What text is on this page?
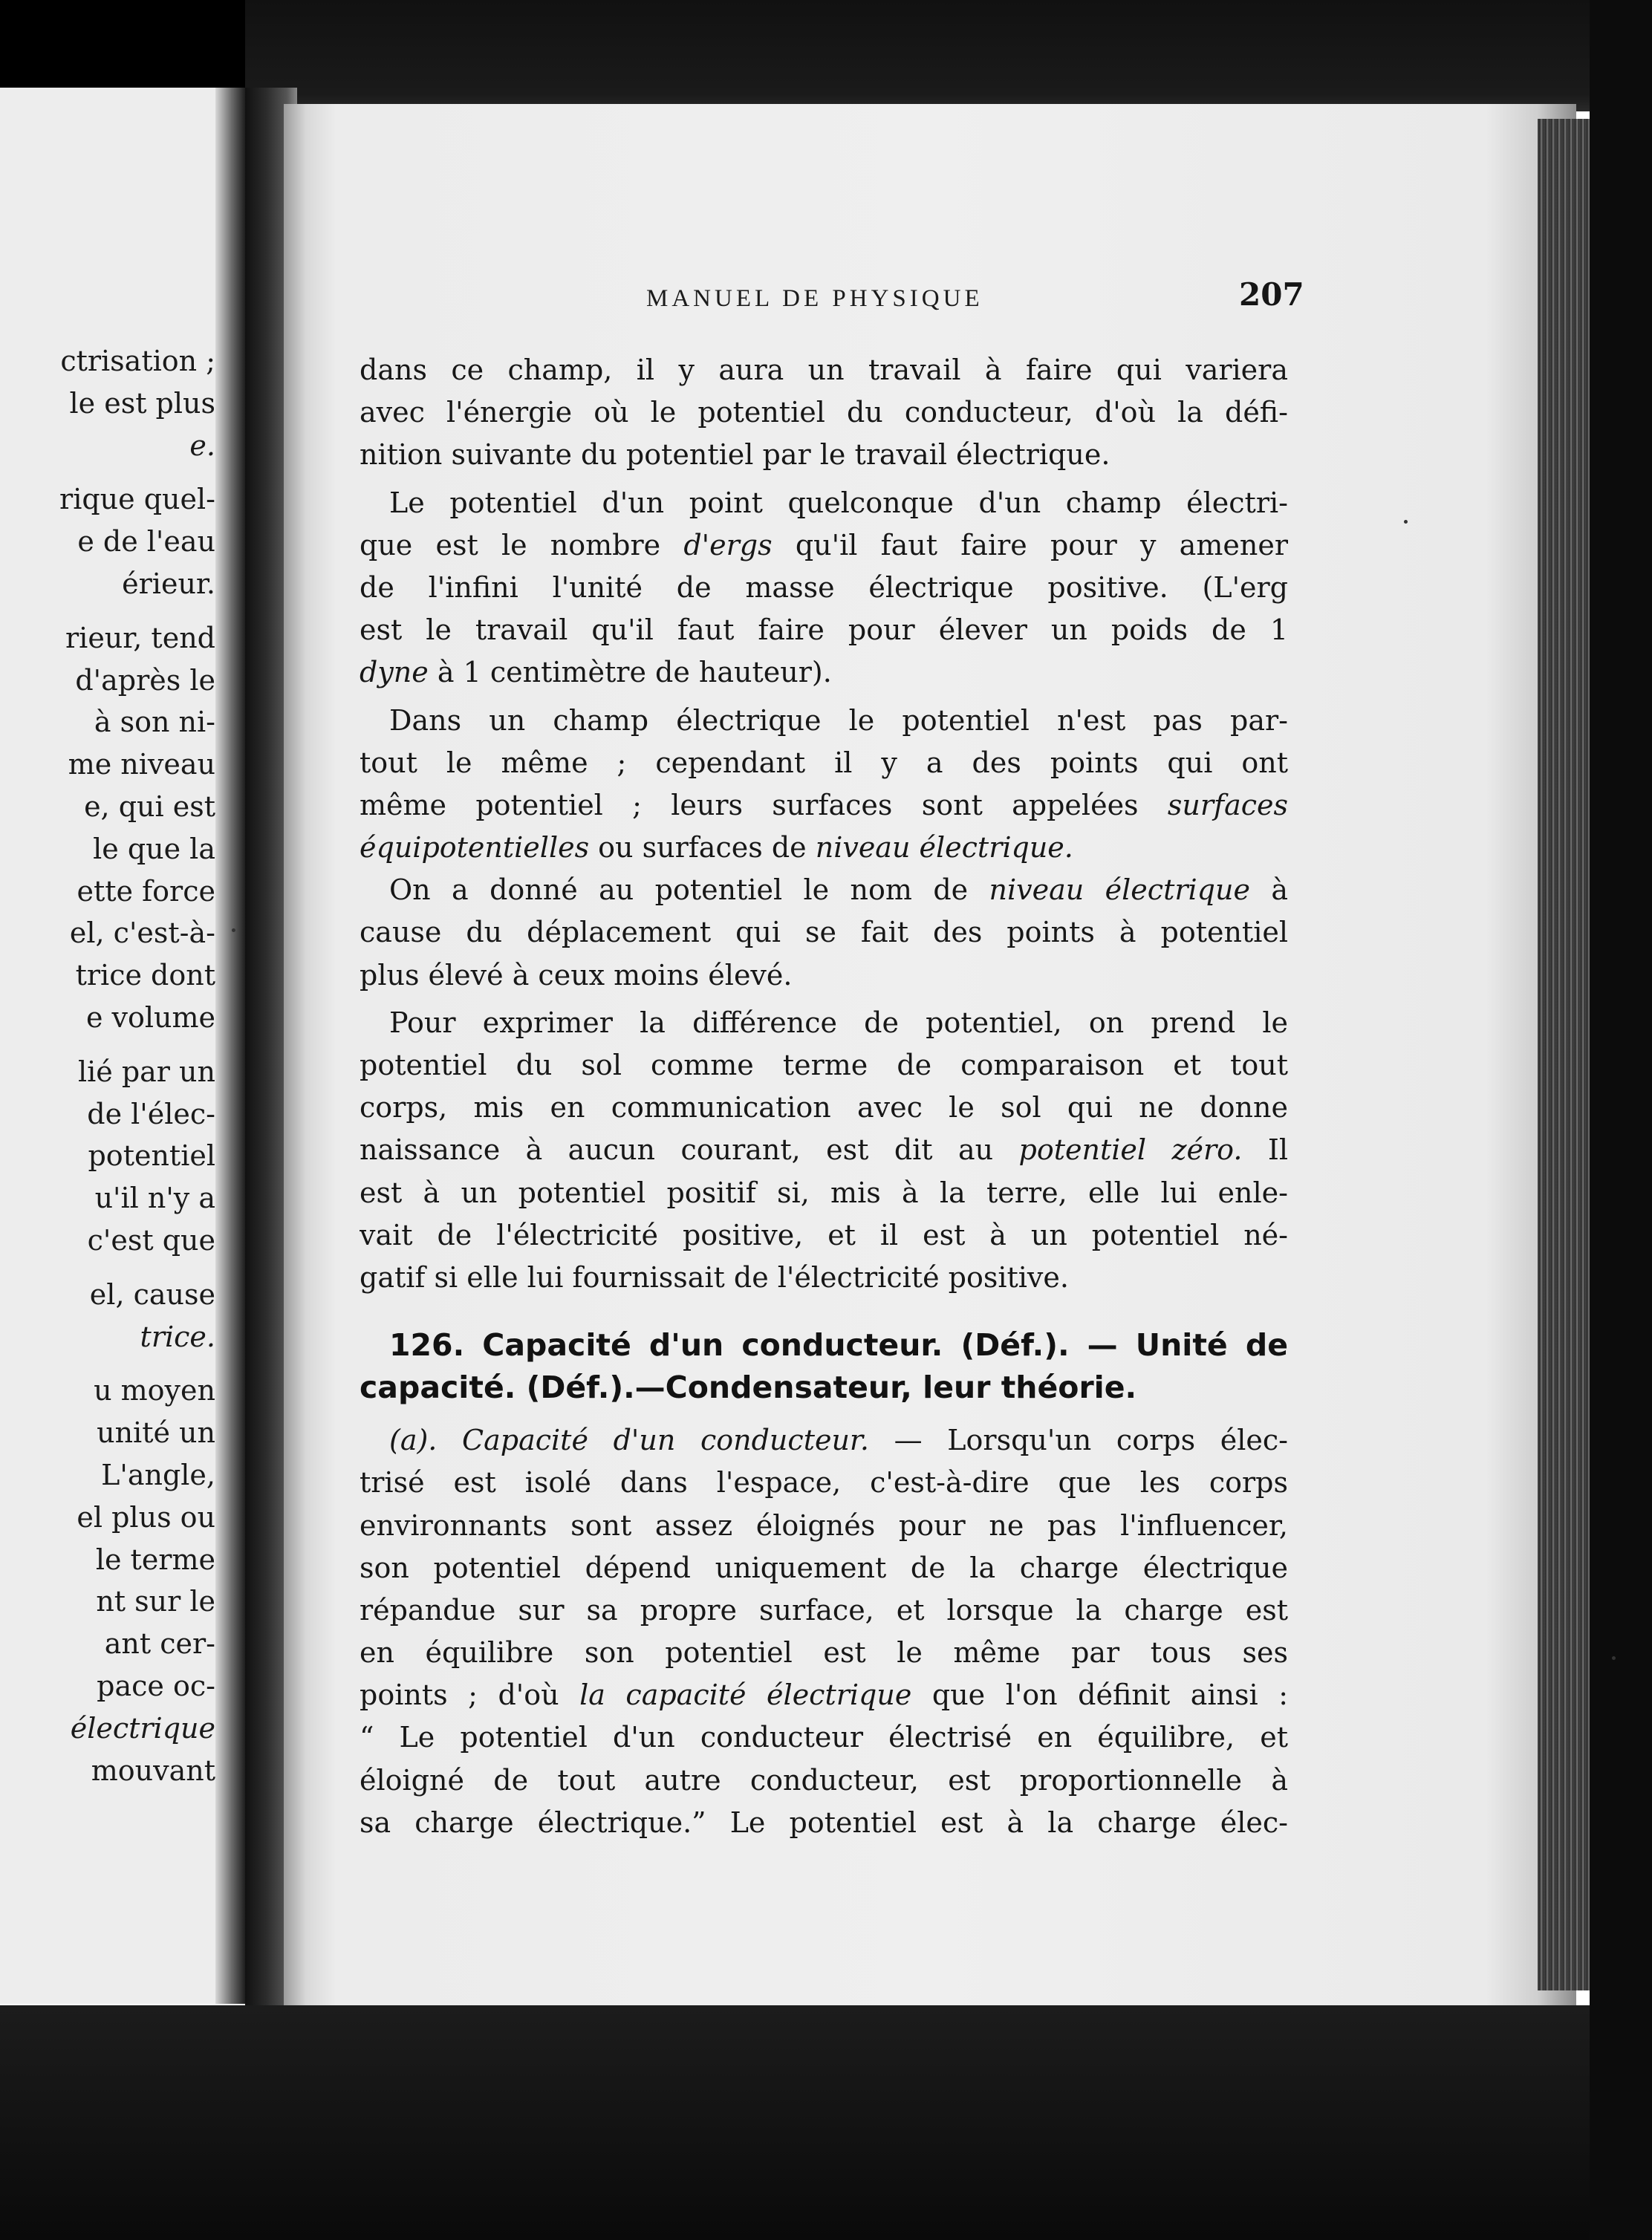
ctrisation ;
le est plus
e.
rique quel-
e de l'eau
érieur.
rieur, tend
d'après le
à son ni-
me niveau
e, qui est
le que la
ette force
el, c'est-à-
trice dont
e volume
lié par un
de l'élec-
potentiel
u'il n'y a
c'est que
el, cause
trice.
u moyen
unité un
L'angle,
el plus ou
le terme
nt sur le
ant cer-
pace oc-
électrique
mouvant
MANUEL DE PHYSIQUE	207
dans ce champ, il y aura un travail à faire qui variera
avec l'énergie où le potentiel du conducteur, d'où la défi-
nition suivante du potentiel par le travail électrique.
Le potentiel d'un point quelconque d'un champ électri-
que est le nombre d'ergs qu'il faut faire pour y amener
de l'infini l'unité de masse électrique positive. (L'erg
est le travail qu'il faut faire pour élever un poids de 1
dyne à 1 centimètre de hauteur).
Dans un champ électrique le potentiel n'est pas par-
tout le même ; cependant il y a des points qui ont
même potentiel ; leurs surfaces sont appelées surfaces
équipotentielles ou surfaces de niveau électrique.
On a donné au potentiel le nom de niveau électrique à
cause du déplacement qui se fait des points à potentiel
plus élevé à ceux moins élevé.
Pour exprimer la différence de potentiel, on prend le
potentiel du sol comme terme de comparaison et tout
corps, mis en communication avec le sol qui ne donne
naissance à aucun courant, est dit au potentiel zéro. Il
est à un potentiel positif si, mis à la terre, elle lui enle-
vait de l'électricité positive, et il est à un potentiel né-
gatif si elle lui fournissait de l'électricité positive.
126. Capacité d'un conducteur. (Déf.). — Unité de
capacité. (Déf.).—Condensateur, leur théorie.
(a). Capacité d'un conducteur. — Lorsqu'un corps élec-
trisé est isolé dans l'espace, c'est-à-dire que les corps
environnants sont assez éloignés pour ne pas l'influencer,
son potentiel dépend uniquement de la charge électrique
répandue sur sa propre surface, et lorsque la charge est
en équilibre son potentiel est le même par tous ses
points ; d'où la capacité électrique que l'on définit ainsi :
“ Le potentiel d'un conducteur électrisé en équilibre, et
éloigné de tout autre conducteur, est proportionnelle à
sa charge électrique.” Le potentiel est à la charge élec-
